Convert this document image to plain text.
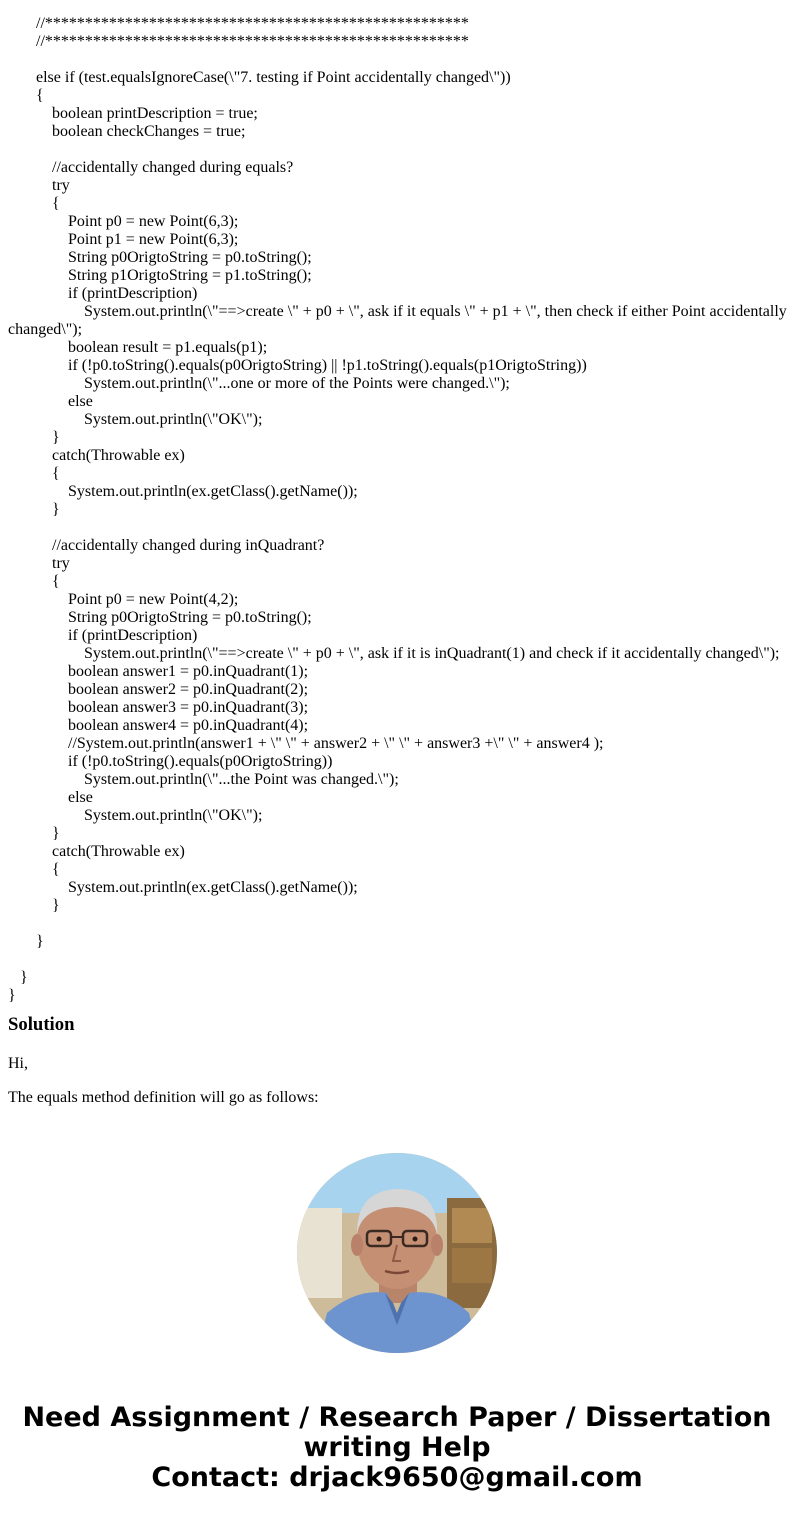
//*****************************************************
//*****************************************************
else if (test.equalsIgnoreCase(\"7. testing if Point accidentally changed\"))
{
boolean printDescription = true;
boolean checkChanges = true;
//accidentally changed during equals?
try
{
Point p0 = new Point(6,3);
Point p1 = new Point(6,3);
String p0OrigtoString = p0.toString();
String p1OrigtoString = p1.toString();
if (printDescription)
System.out.println(\"==>create \" + p0 + \", ask if it equals \" + p1 + \", then check if either Point accidentally changed\");
boolean result = p1.equals(p1);
if (!p0.toString().equals(p0OrigtoString) || !p1.toString().equals(p1OrigtoString))
System.out.println(\"...one or more of the Points were changed.\");
else
System.out.println(\"OK\");
}
catch(Throwable ex)
{
System.out.println(ex.getClass().getName());
}
//accidentally changed during inQuadrant?
try
{
Point p0 = new Point(4,2);
String p0OrigtoString = p0.toString();
if (printDescription)
System.out.println(\"==>create \" + p0 + \", ask if it is inQuadrant(1) and check if it accidentally changed\");
boolean answer1 = p0.inQuadrant(1);
boolean answer2 = p0.inQuadrant(2);
boolean answer3 = p0.inQuadrant(3);
boolean answer4 = p0.inQuadrant(4);
//System.out.println(answer1 + \" \" + answer2 + \" \" + answer3 +\" \" + answer4 );
if (!p0.toString().equals(p0OrigtoString))
System.out.println(\"...the Point was changed.\");
else
System.out.println(\"OK\");
}
catch(Throwable ex)
{
System.out.println(ex.getClass().getName());
}
}
}
}
Solution

Hi,

The equals method definition will go as follows:

Need Assignment / Research Paper / Dissertation
writing Help
Contact: drjack9650@gmail.com
